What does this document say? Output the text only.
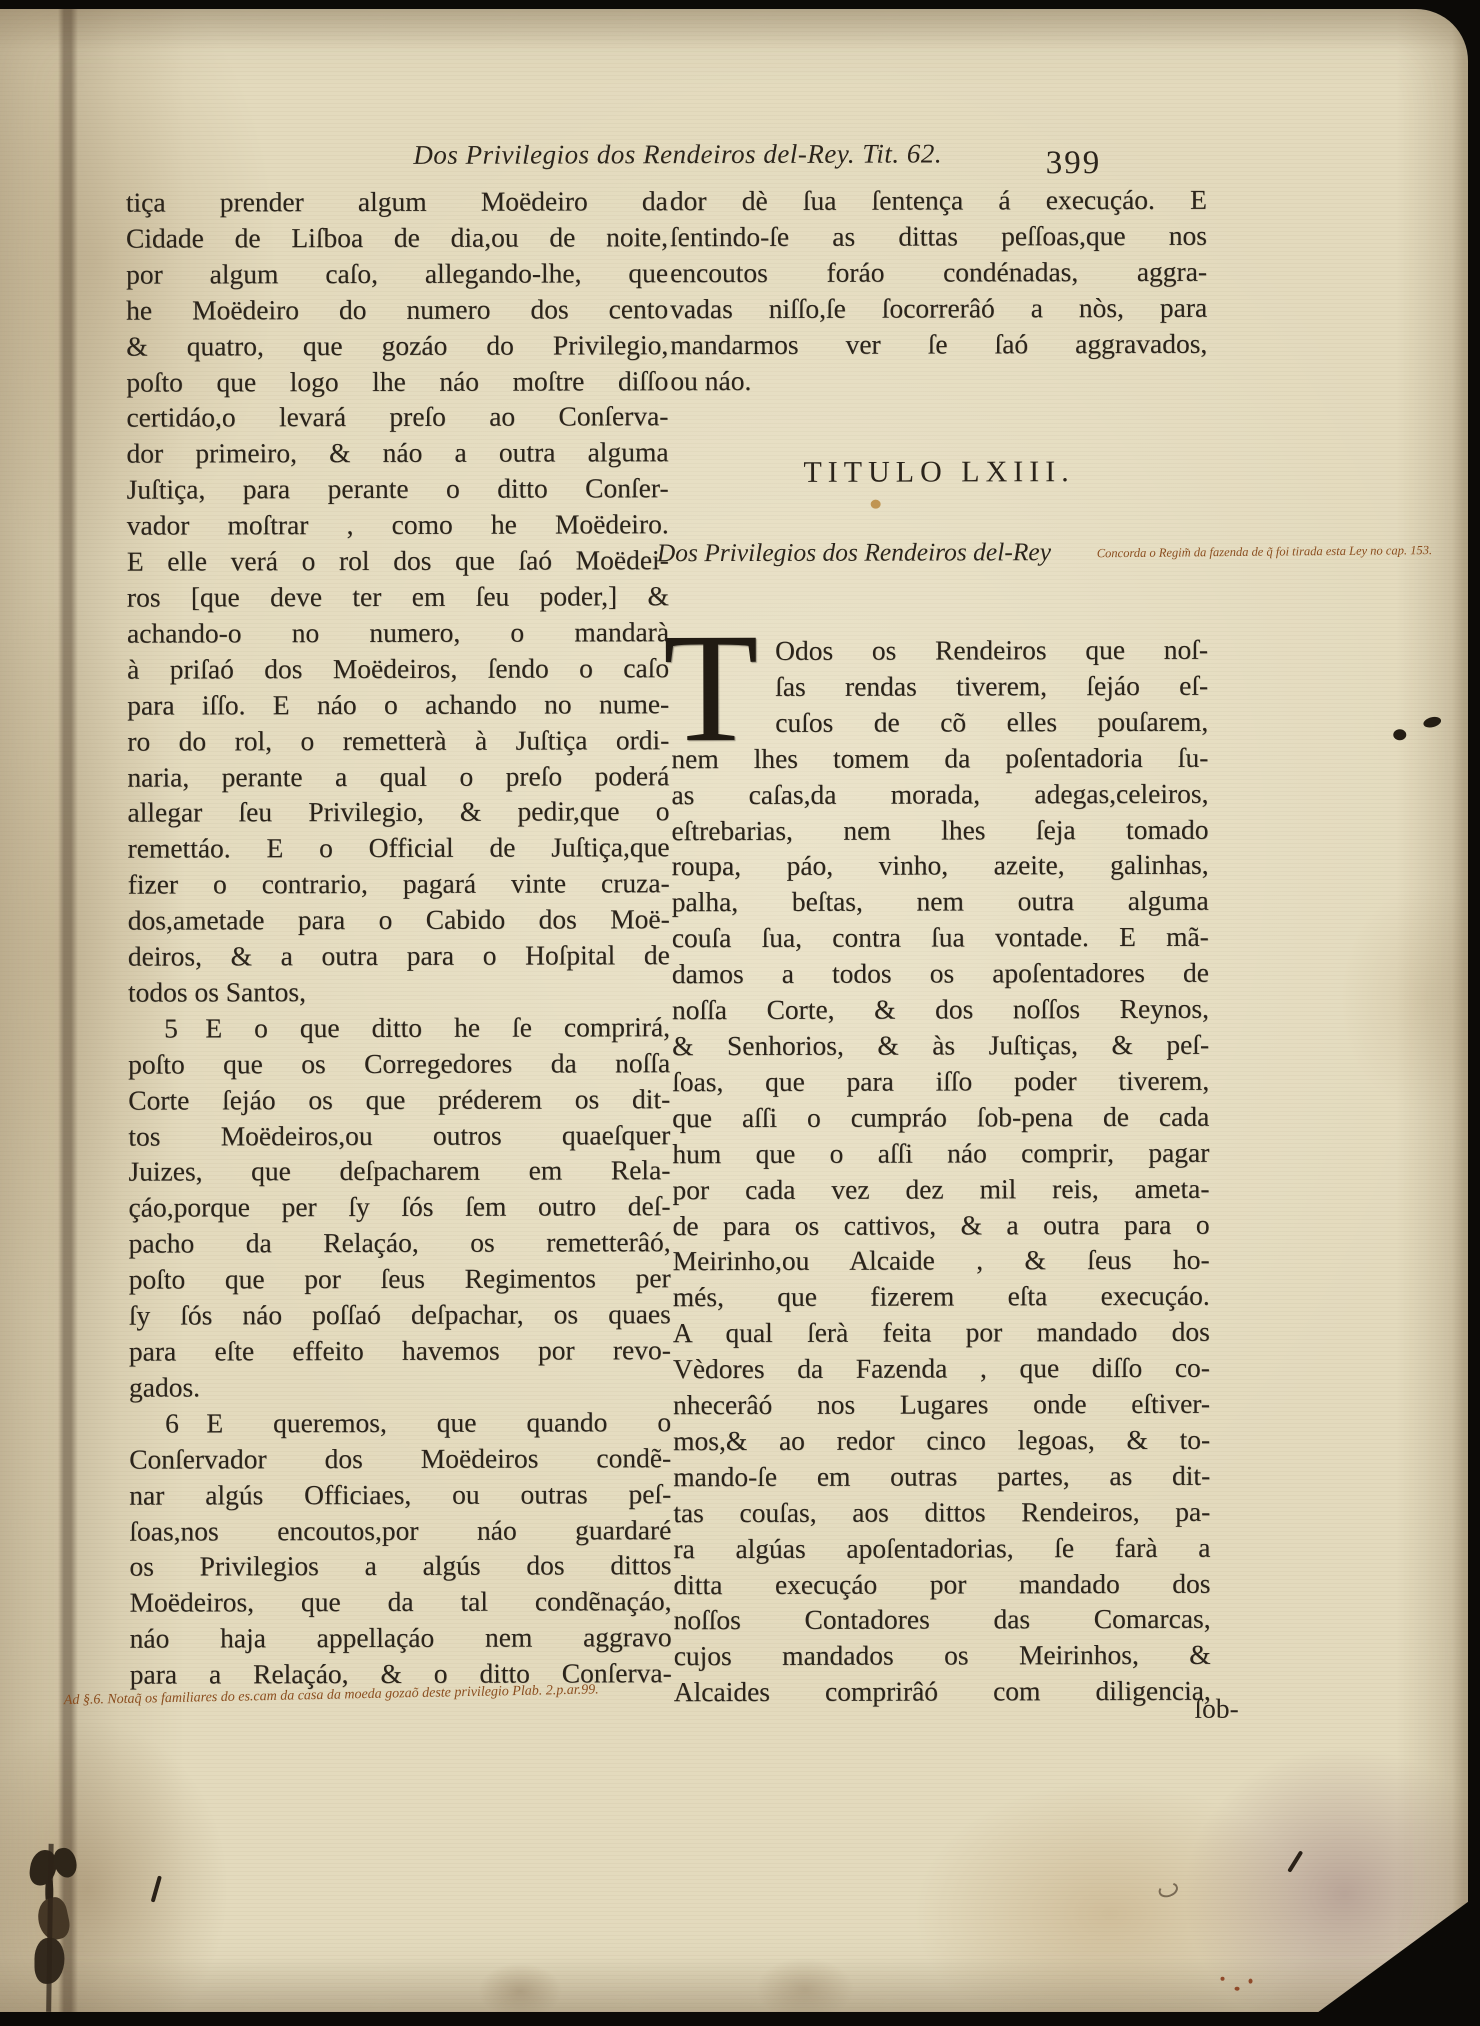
Dos Privilegios dos Rendeiros del-Rey. Tit. 62.	399
tiça prender algum Moëdeiro da
Cidade de Liſboa de dia,ou de noite,
por algum caſo, allegando-lhe, que
he Moëdeiro do numero dos cento
& quatro, que gozáo do Privilegio,
poſto que logo lhe náo moſtre diſſo
certidáo,o levará preſo ao Conſerva-
dor primeiro, & náo a outra alguma
Juſtiça, para perante o ditto Conſer-
vador moſtrar , como he Moëdeiro.
E elle verá o rol dos que ſaó Moëdei-
ros [que deve ter em ſeu poder,] &
achando-o no numero, o mandarà
à priſaó dos Moëdeiros, ſendo o caſo
para iſſo. E náo o achando no nume-
ro do rol, o remetterà à Juſtiça ordi-
naria, perante a qual o preſo poderá
allegar ſeu Privilegio, & pedir,que o
remettáo. E o Official de Juſtiça,que
fizer o contrario, pagará vinte cruza-
dos,ametade para o Cabido dos Moë-
deiros, & a outra para o Hoſpital de
todos os Santos,
5 E o que ditto he ſe comprirá,
poſto que os Corregedores da noſſa
Corte ſejáo os que préderem os dit-
tos Moëdeiros,ou outros quaeſquer
Juizes, que deſpacharem em Rela-
çáo,porque per ſy ſós ſem outro deſ-
pacho da Relaçáo, os remetterâó,
poſto que por ſeus Regimentos per
ſy ſós náo poſſaó deſpachar, os quaes
para eſte effeito havemos por revo-
gados.
6 E queremos, que quando o
Conſervador dos Moëdeiros condẽ-
nar algús Officiaes, ou outras peſ-
ſoas,nos encoutos,por náo guardaré
os Privilegios a algús dos dittos
Moëdeiros, que da tal condẽnaçáo,
náo haja appellaçáo nem aggravo
para a Relaçáo, & o ditto Conſerva-
dor dè ſua ſentença á execuçáo. E
ſentindo-ſe as dittas peſſoas,que nos
encoutos foráo condénadas, aggra-
vadas niſſo,ſe ſocorrerâó a nòs, para
mandarmos ver ſe ſaó aggravados,
ou náo.
TITULO LXIII.
Dos Privilegios dos Rendeiros del-Rey	Concorda o Regim̃ da fazenda de q̃ foi tirada esta Ley no cap. 153.
T Odos os Rendeiros que noſ-
ſas rendas tiverem, ſejáo eſ-
cuſos de cõ elles pouſarem,
nem lhes tomem da poſentadoria ſu-
as caſas,da morada, adegas,celeiros,
eſtrebarias, nem lhes ſeja tomado
roupa, páo, vinho, azeite, galinhas,
palha, beſtas, nem outra alguma
couſa ſua, contra ſua vontade. E mã-
damos a todos os apoſentadores de
noſſa Corte, & dos noſſos Reynos,
& Senhorios, & às Juſtiças, & peſ-
ſoas, que para iſſo poder tiverem,
que aſſi o cumpráo ſob-pena de cada
hum que o aſſi náo comprir, pagar
por cada vez dez mil reis, ameta-
de para os cattivos, & a outra para o
Meirinho,ou Alcaide , & ſeus ho-
més, que fizerem eſta execuçáo.
A qual ſerà feita por mandado dos
Vèdores da Fazenda , que diſſo co-
nhecerâó nos Lugares onde eſtiver-
mos,& ao redor cinco legoas, & to-
mando-ſe em outras partes, as dit-
tas couſas, aos dittos Rendeiros, pa-
ra algúas apoſentadorias, ſe farà a
ditta execuçáo por mandado dos
noſſos Contadores das Comarcas,
cujos mandados os Meirinhos, &
Alcaides comprirâó com diligencia,
ſob-
Ad §.6. Notaq̃ os familiares do es.cam da casa da moeda gozaõ deste privilegio Plab. 2.p.ar.99.
